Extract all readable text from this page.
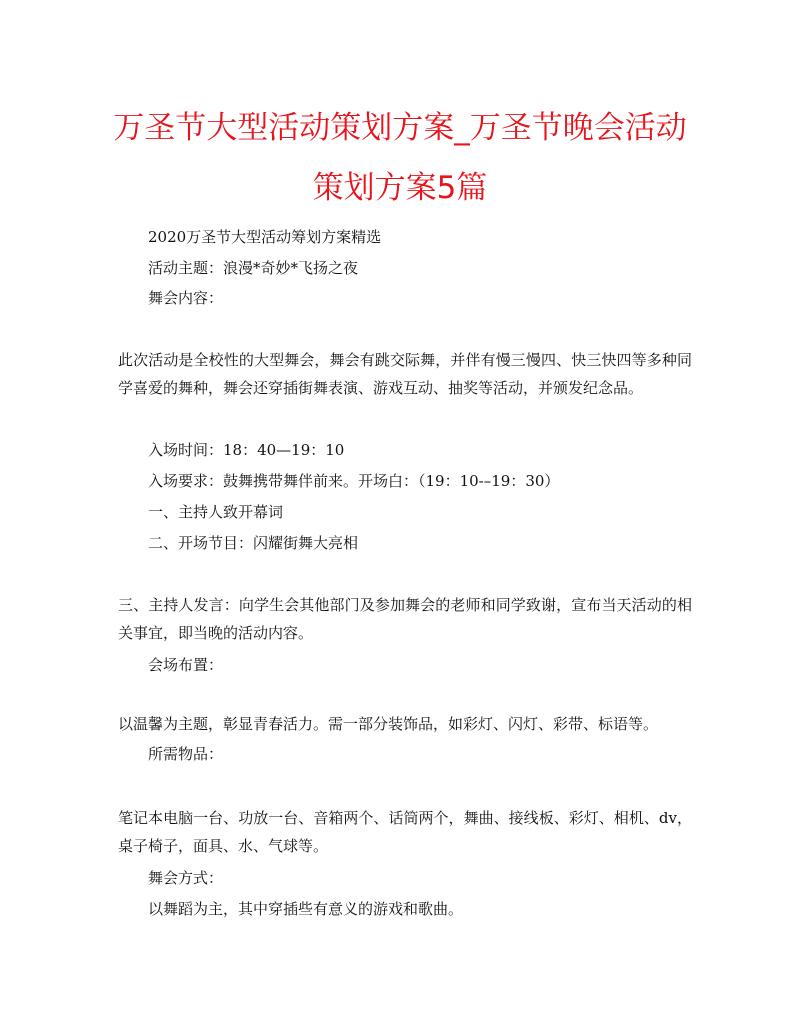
万圣节大型活动策划方案_万圣节晚会活动
策划方案5篇

2020万圣节大型活动筹划方案精选

活动主题：浪漫*奇妙*飞扬之夜

舞会内容：

此次活动是全校性的大型舞会，舞会有跳交际舞，并伴有慢三慢四、快三快四等多种同学喜爱的舞种，舞会还穿插街舞表演、游戏互动、抽奖等活动，并颁发纪念品。

入场时间：18：40—19：10

入场要求：鼓舞携带舞伴前来。开场白：（19：10-–19：30）

一、主持人致开幕词

二、开场节目：闪耀街舞大亮相

三、主持人发言：向学生会其他部门及参加舞会的老师和同学致谢，宣布当天活动的相关事宜，即当晚的活动内容。

会场布置：

以温馨为主题，彰显青春活力。需一部分装饰品，如彩灯、闪灯、彩带、标语等。

所需物品：

笔记本电脑一台、功放一台、音箱两个、话筒两个，舞曲、接线板、彩灯、相机、dv，桌子椅子，面具、水、气球等。

舞会方式：

以舞蹈为主，其中穿插些有意义的游戏和歌曲。
